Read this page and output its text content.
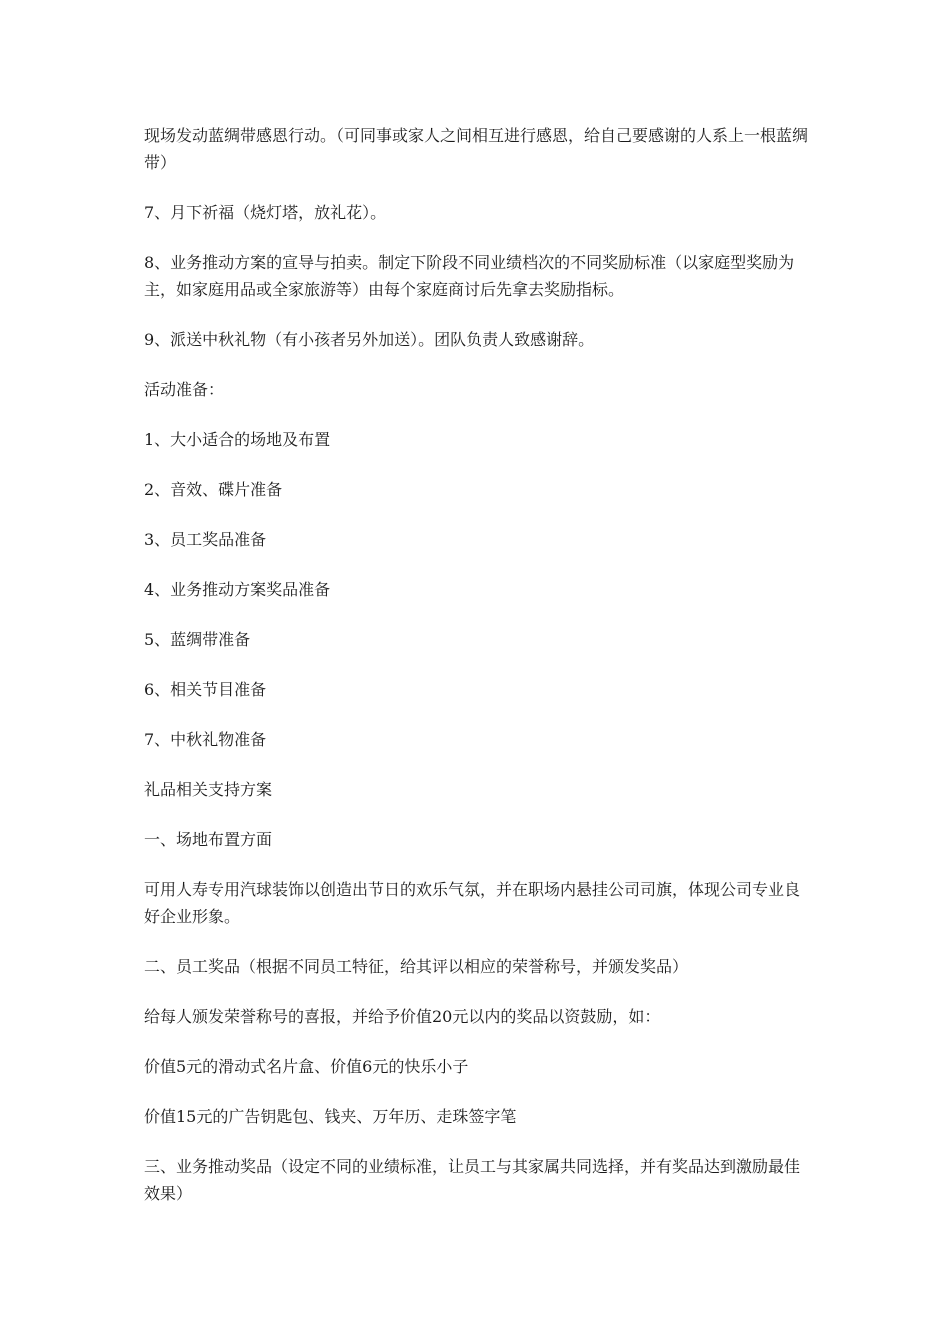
现场发动蓝绸带感恩行动。（可同事或家人之间相互进行感恩，给自己要感谢的人系上一根蓝绸带）

7、月下祈福（烧灯塔，放礼花）。

8、业务推动方案的宣导与拍卖。制定下阶段不同业绩档次的不同奖励标准（以家庭型奖励为主，如家庭用品或全家旅游等）由每个家庭商讨后先拿去奖励指标。

9、派送中秋礼物（有小孩者另外加送）。团队负责人致感谢辞。

活动准备：

1、大小适合的场地及布置

2、音效、碟片准备

3、员工奖品准备

4、业务推动方案奖品准备

5、蓝绸带准备

6、相关节目准备

7、中秋礼物准备

礼品相关支持方案

一、场地布置方面

可用人寿专用汽球装饰以创造出节日的欢乐气氛，并在职场内悬挂公司司旗，体现公司专业良好企业形象。

二、员工奖品（根据不同员工特征，给其评以相应的荣誉称号，并颁发奖品）

给每人颁发荣誉称号的喜报，并给予价值20元以内的奖品以资鼓励，如：

价值5元的滑动式名片盒、价值6元的快乐小子

价值15元的广告钥匙包、钱夹、万年历、走珠签字笔

三、业务推动奖品（设定不同的业绩标准，让员工与其家属共同选择，并有奖品达到激励最佳效果）
